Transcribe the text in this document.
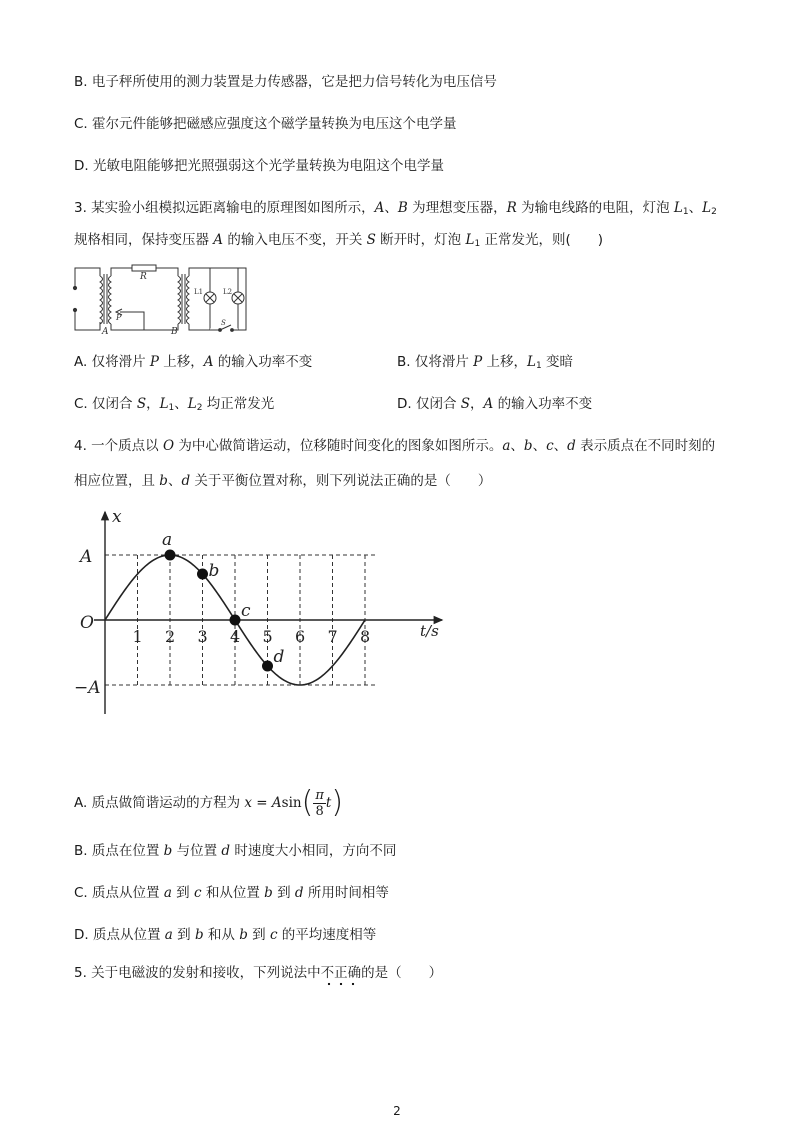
B. 电子秤所使用的测力装置是力传感器，它是把力信号转化为电压信号
C. 霍尔元件能够把磁感应强度这个磁学量转换为电压这个电学量
D. 光敏电阻能够把光照强弱这个光学量转换为电阻这个电学量
3. 某实验小组模拟远距离输电的原理图如图所示，A、B 为理想变压器，R 为输电线路的电阻，灯泡 $L_1$、$L_2$
规格相同，保持变压器 A 的输入电压不变，开关 S 断开时，灯泡 $L_1$ 正常发光，则(　　)
R
A	B
P
L1	L2
S
A. 仅将滑片 P 上移，A 的输入功率不变	B. 仅将滑片 P 上移，$L_1$ 变暗
C. 仅闭合 S，$L_1$、$L_2$ 均正常发光	D. 仅闭合 S，A 的输入功率不变
4. 一个质点以 O 为中心做简谐运动，位移随时间变化的图象如图所示。a、b、c、d 表示质点在不同时刻的
相应位置，且 b、d 关于平衡位置对称，则下列说法正确的是（　　）
1 2 3 4 5 6 7 8
a
b
c
d
x
t/s
O
A
−A
A. 质点做简谐运动的方程为 $x = Asin( \frac{\pi}{8} t)$
B. 质点在位置 b 与位置 d 时速度大小相同，方向不同
C. 质点从位置 a 到 c 和从位置 b 到 d 所用时间相等
D. 质点从位置 a 到 b 和从 b 到 c 的平均速度相等
5. 关于电磁波的发射和接收，下列说法中不正确的是（　　）
2
